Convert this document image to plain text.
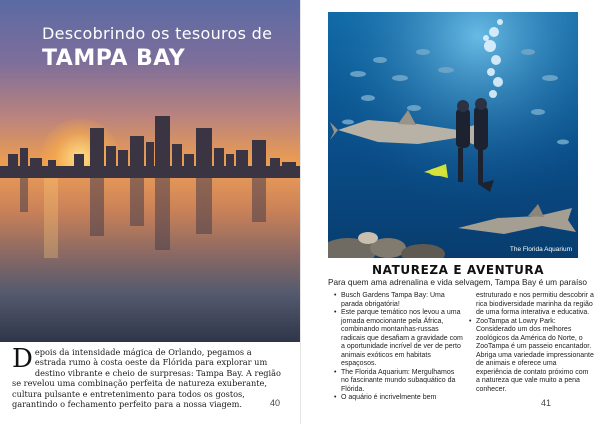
Descobrindo os tesouros de
TAMPA BAY
Depois da intensidade mágica de Orlando, pegamos a estrada rumo à costa oeste da Flórida para explorar um destino vibrante e cheio de surpresas: Tampa Bay. A região se revelou uma combinação perfeita de natureza exuberante, cultura pulsante e entretenimento para todos os gostos, garantindo o fechamento perfeito para a nossa viagem.	40
The Florida Aquarium
NATUREZA E AVENTURA
Para quem ama adrenalina e vida selvagem, Tampa Bay é um paraíso
• Busch Gardens Tampa Bay: Uma parada obrigatória!
• Este parque temático nos levou a uma jornada emocionante pela África, combinando montanhas-russas radicais que desafiam a gravidade com a oportunidade incrível de ver de perto animais exóticos em habitats espaçosos.
• The Florida Aquarium: Mergulhamos no fascinante mundo subaquático da Flórida.
• O aquário é incrivelmente bem
estruturado e nos permitiu descobrir a rica biodiversidade marinha da região de uma forma interativa e educativa.
• ZooTampa at Lowry Park: Considerado um dos melhores zoológicos da América do Norte, o ZooTampa é um passeio encantador. Abriga uma variedade impressionante de animais e oferece uma experiência de contato próximo com a natureza que vale muito a pena conhecer.
41
